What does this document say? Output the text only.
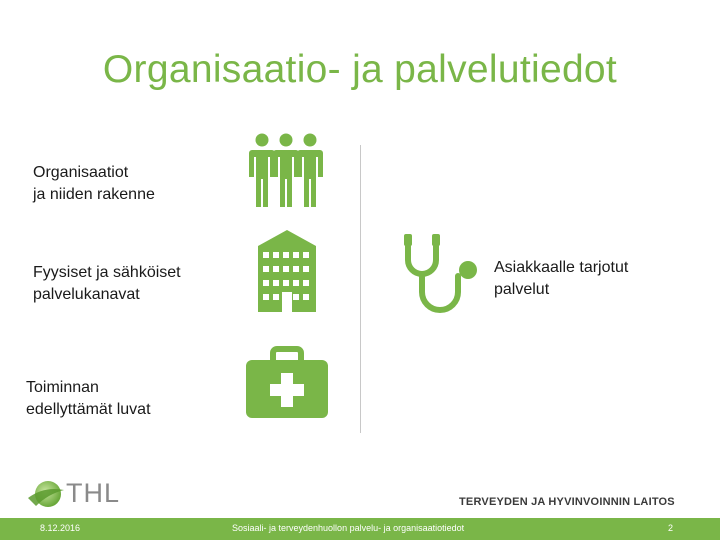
Organisaatio- ja palvelutiedot
Organisaatiot
ja niiden rakenne
Fyysiset ja sähköiset
palvelukanavat
Toiminnan
edellyttämät luvat
Asiakkaalle tarjotut
palvelut
THL	TERVEYDEN JA HYVINVOINNIN LAITOS
8.12.2016	Sosiaali- ja terveydenhuollon palvelu- ja organisaatiotiedot	2
